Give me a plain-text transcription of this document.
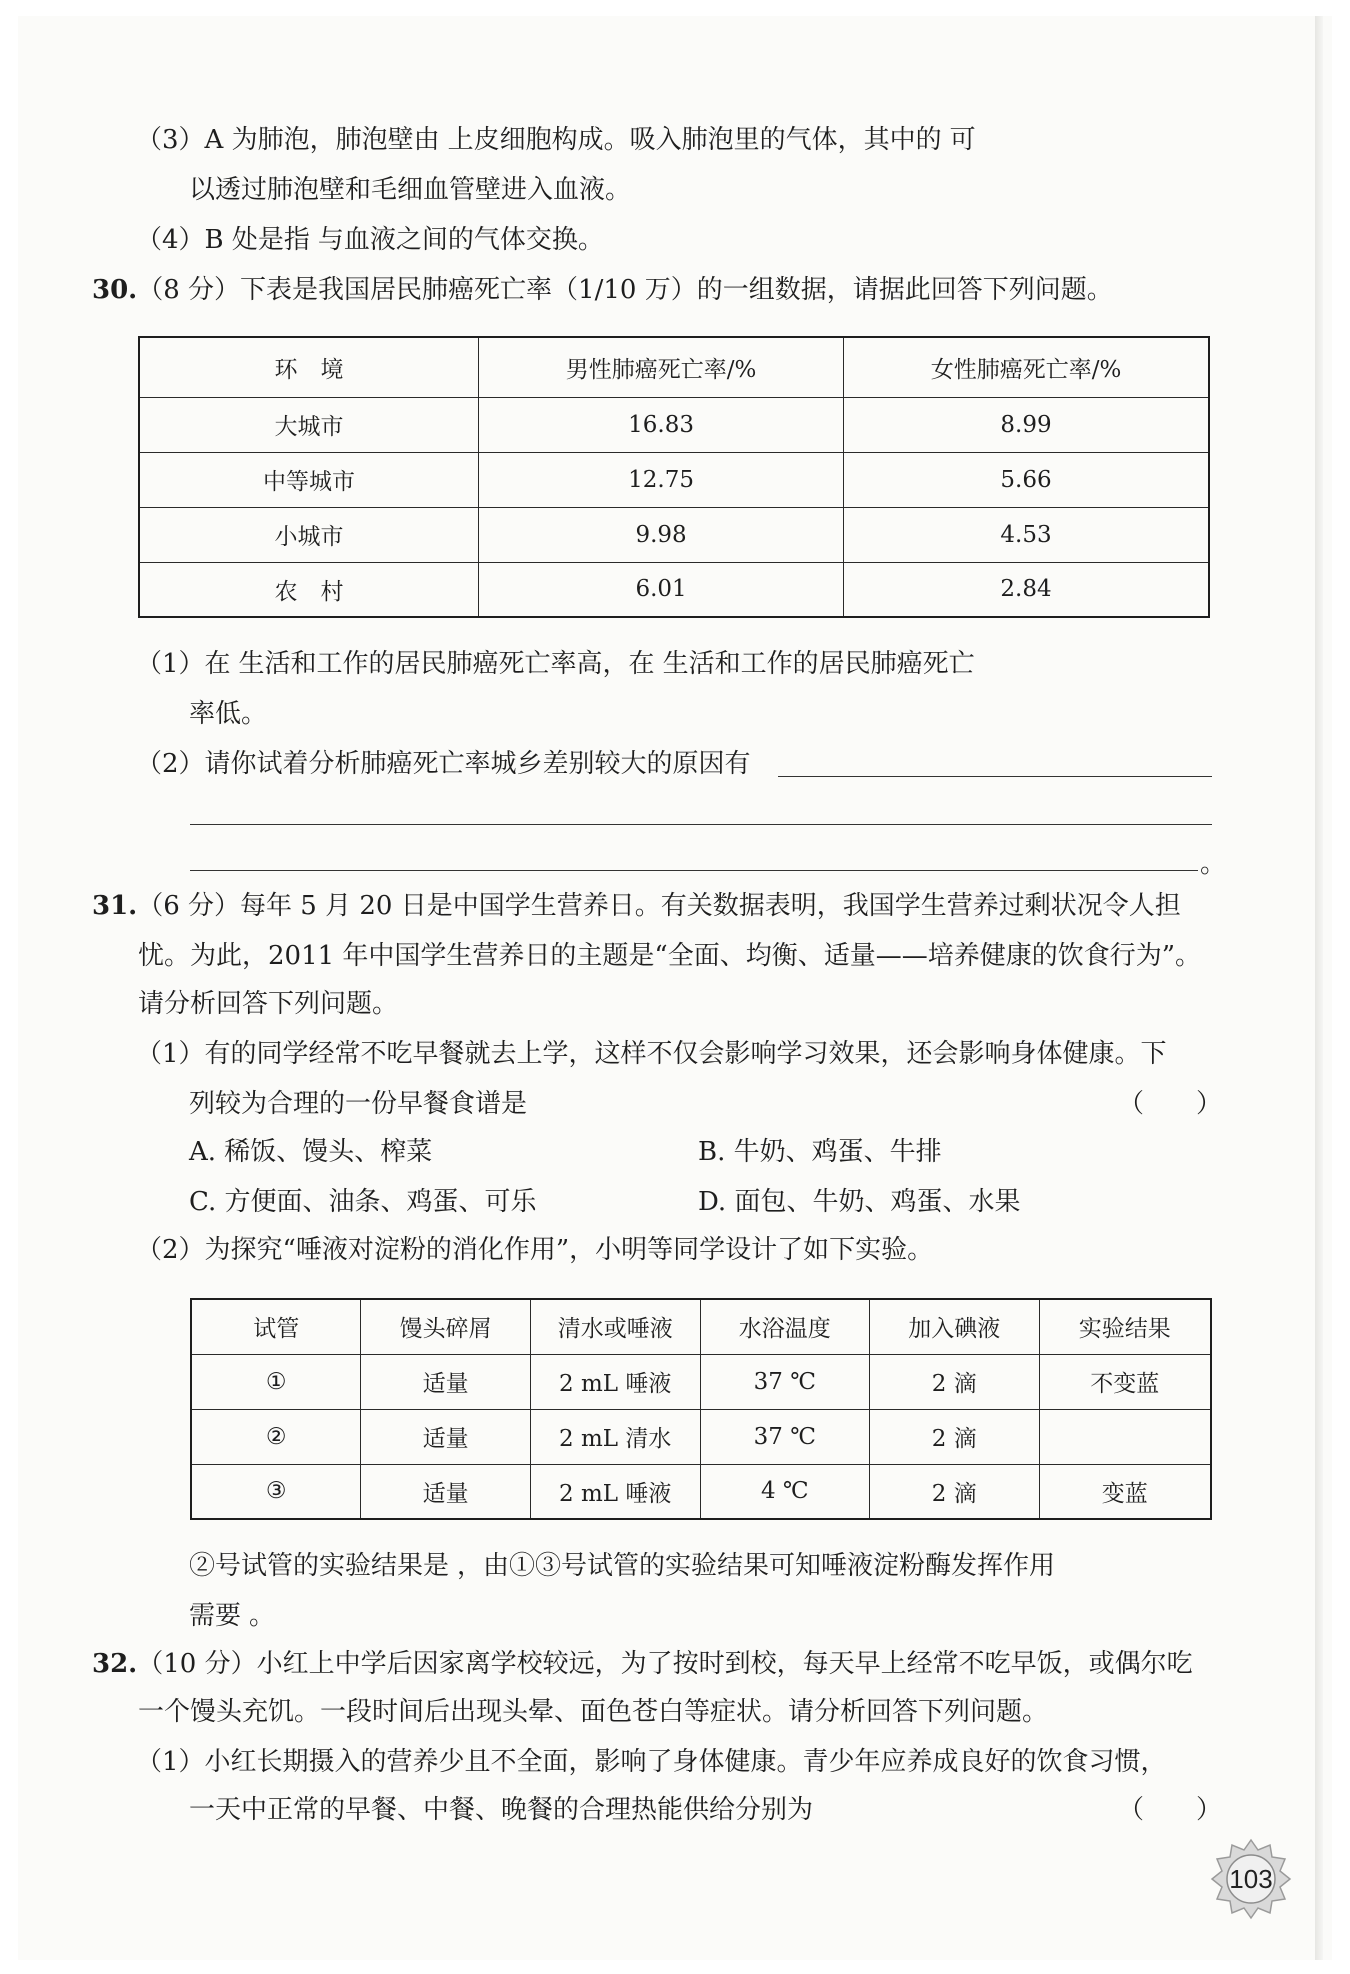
（3）A 为肺泡，肺泡壁由 上皮细胞构成。吸入肺泡里的气体，其中的 可
以透过肺泡壁和毛细血管壁进入血液。
（4）B 处是指 与血液之间的气体交换。
30.（8 分）下表是我国居民肺癌死亡率（1/10 万）的一组数据，请据此回答下列问题。
环　境	男性肺癌死亡率/%	女性肺癌死亡率/%
大城市	16.83	8.99
中等城市	12.75	5.66
小城市	9.98	4.53
农　村	6.01	2.84
（1）在 生活和工作的居民肺癌死亡率高，在 生活和工作的居民肺癌死亡
率低。
（2）请你试着分析肺癌死亡率城乡差别较大的原因有
。
31.（6 分）每年 5 月 20 日是中国学生营养日。有关数据表明，我国学生营养过剩状况令人担
忧。为此，2011 年中国学生营养日的主题是“全面、均衡、适量——培养健康的饮食行为”。
请分析回答下列问题。
（1）有的同学经常不吃早餐就去上学，这样不仅会影响学习效果，还会影响身体健康。下
列较为合理的一份早餐食谱是	（　　）
A. 稀饭、馒头、榨菜	B. 牛奶、鸡蛋、牛排
C. 方便面、油条、鸡蛋、可乐	D. 面包、牛奶、鸡蛋、水果
（2）为探究“唾液对淀粉的消化作用”，小明等同学设计了如下实验。
试管	馒头碎屑	清水或唾液	水浴温度	加入碘液	实验结果
①	适量	2 mL 唾液	37 ℃	2 滴	不变蓝
②	适量	2 mL 清水	37 ℃	2 滴	
③	适量	2 mL 唾液	4 ℃	2 滴	变蓝
②号试管的实验结果是 ，由①③号试管的实验结果可知唾液淀粉酶发挥作用
需要 。
32.（10 分）小红上中学后因家离学校较远，为了按时到校，每天早上经常不吃早饭，或偶尔吃
一个馒头充饥。一段时间后出现头晕、面色苍白等症状。请分析回答下列问题。
（1）小红长期摄入的营养少且不全面，影响了身体健康。青少年应养成良好的饮食习惯，
一天中正常的早餐、中餐、晚餐的合理热能供给分别为	（　　）
103
